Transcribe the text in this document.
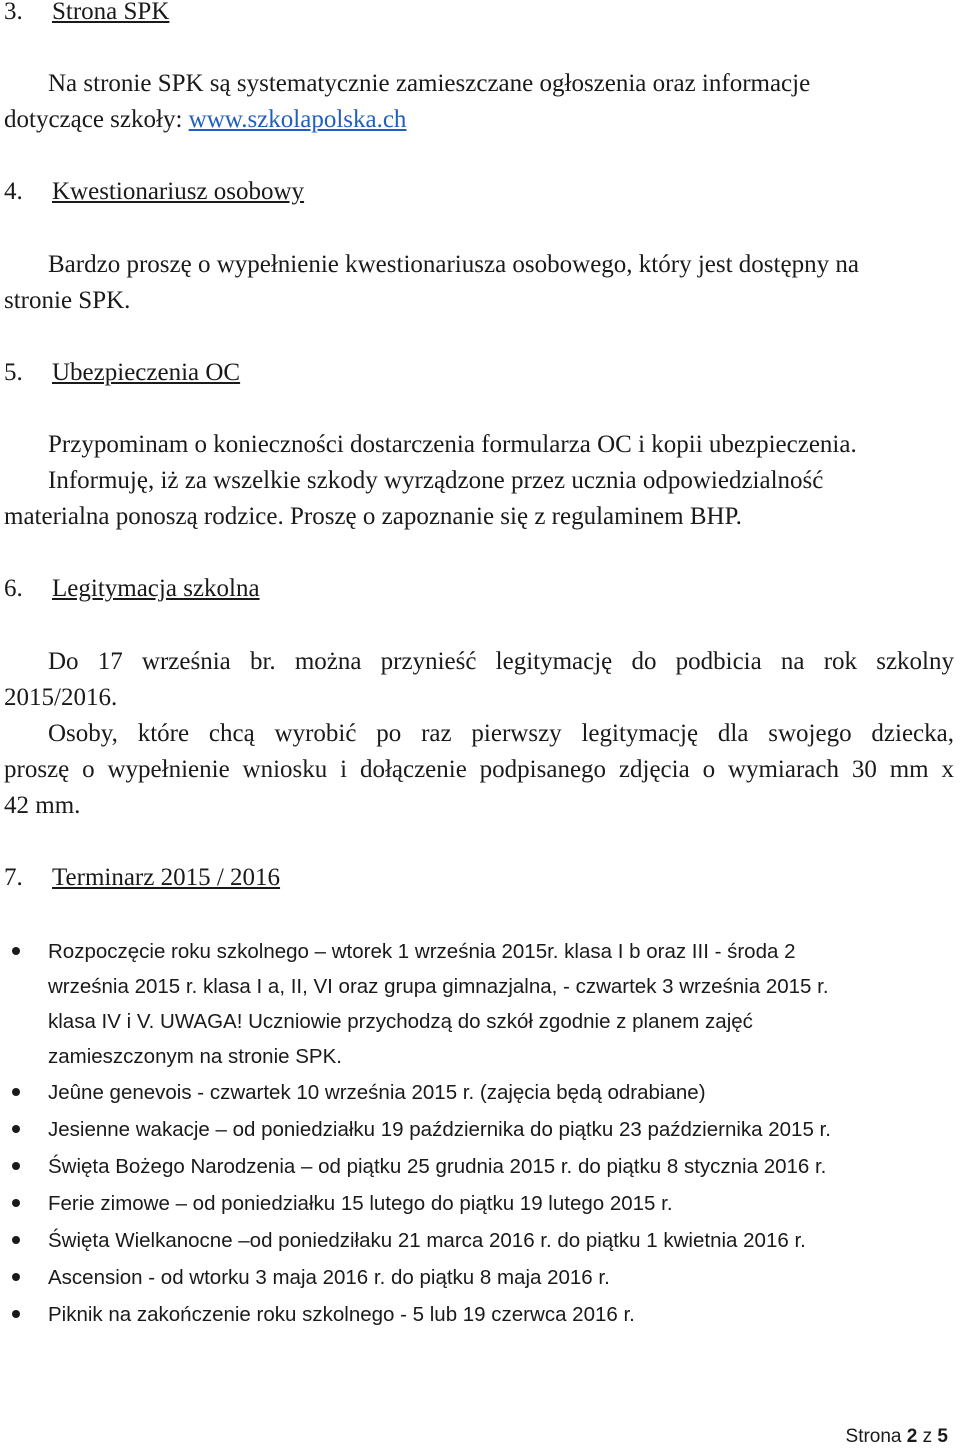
3. Strona SPK
Na stronie SPK są systematycznie zamieszczane ogłoszenia oraz informacje
dotyczące szkoły: www.szkolapolska.ch
4. Kwestionariusz osobowy
Bardzo proszę o wypełnienie kwestionariusza osobowego, który jest dostępny na
stronie SPK.
5. Ubezpieczenia OC
Przypominam o konieczności dostarczenia formularza OC i kopii ubezpieczenia.
Informuję, iż za wszelkie szkody wyrządzone przez ucznia odpowiedzialność
materialna ponoszą rodzice. Proszę o zapoznanie się z regulaminem BHP.
6. Legitymacja szkolna
Do 17 września br. można przynieść legitymację do podbicia na rok szkolny
2015/2016.
Osoby, które chcą wyrobić po raz pierwszy legitymację dla swojego dziecka,
proszę o wypełnienie wniosku i dołączenie podpisanego zdjęcia o wymiarach 30 mm x
42 mm.
7. Terminarz 2015 / 2016
Rozpoczęcie roku szkolnego – wtorek 1 września 2015r. klasa I b oraz III - środa 2
września 2015 r. klasa I a, II, VI oraz grupa gimnazjalna, - czwartek 3 września 2015 r.
klasa IV i V. UWAGA! Uczniowie przychodzą do szkół zgodnie z planem zajęć
zamieszczonym na stronie SPK.
Jeûne genevois - czwartek 10 września 2015 r. (zajęcia będą odrabiane)
Jesienne wakacje – od poniedziałku 19 października do piątku 23 października 2015 r.
Święta Bożego Narodzenia – od piątku 25 grudnia 2015 r. do piątku 8 stycznia 2016 r.
Ferie zimowe – od poniedziałku 15 lutego do piątku 19 lutego 2015 r.
Święta Wielkanocne –od poniedziłaku 21 marca 2016 r. do piątku 1 kwietnia 2016 r.
Ascension - od wtorku 3 maja 2016 r. do piątku 8 maja 2016 r.
Piknik na zakończenie roku szkolnego - 5 lub 19 czerwca 2016 r.
Strona 2 z 5
